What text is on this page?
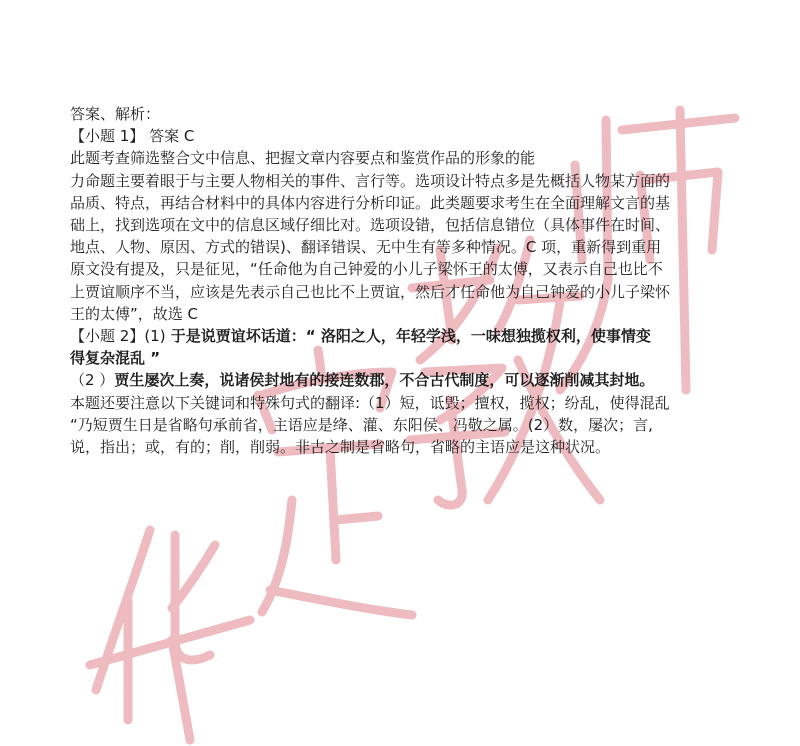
答案、解析：
【小题 1】 答案 C
此题考查筛选整合文中信息、把握文章内容要点和鉴赏作品的形象的能
力命题主要着眼于与主要人物相关的事件、言行等。选项设计特点多是先概括人物某方面的
品质、特点，再结合材料中的具体内容进行分析印证。此类题要求考生在全面理解文言的基
础上，找到选项在文中的信息区域仔细比对。选项设错，包括信息错位（具体事件在时间、
地点、人物、原因、方式的错误)、翻译错误、无中生有等多种情况。C 项，重新得到重用
原文没有提及，只是征见，“任命他为自己钟爱的小儿子梁怀王的太傅，又表示自己也比不
上贾谊顺序不当，应该是先表示自己也比不上贾谊，然后才任命他为自己钟爱的小儿子梁怀
王的太傅”，故选 C
【小题 2】(1) 于是说贾谊坏话道：“ 洛阳之人，年轻学浅，一味想独揽权利，使事情变
得复杂混乱 ”
（2 ）贾生屡次上奏，说诸侯封地有的接连数郡，不合古代制度，可以逐渐削减其封地。
本题还要注意以下关键词和特殊句式的翻译:（1）短，诋毁；擅权，揽权；纷乱，使得混乱
“乃短贾生日是省略句承前省，主语应是绛、灌、东阳侯、冯敬之属。(2）数，屡次；言,
说，指出；或，有的；削，削弱。非古之制是省略句，省略的主语应是这种状况。
